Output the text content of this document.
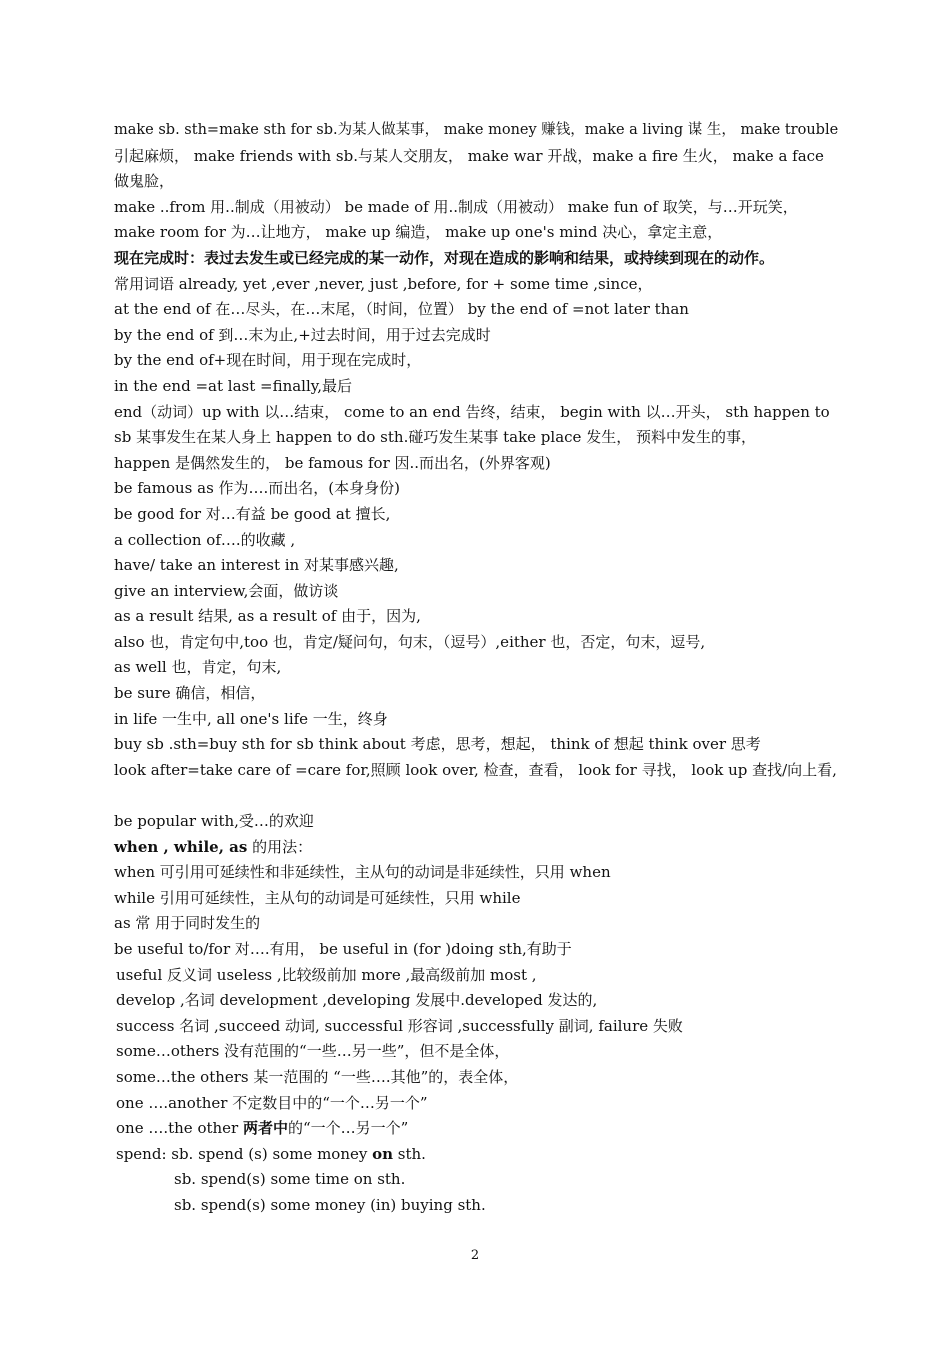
make sb. sth=make sth for sb.为某人做某事， make money 赚钱，make a living 谋 生， make trouble
引起麻烦， make friends with sb.与某人交朋友， make war 开战，make a fire 生火， make a face
做鬼脸，
make ..from 用..制成（用被动） be made of 用..制成（用被动） make fun of 取笑，与…开玩笑，
make room for 为…让地方， make up 编造， make up one's mind 决心，拿定主意，
现在完成时：表过去发生或已经完成的某一动作，对现在造成的影响和结果，或持续到现在的动作。
常用词语 already, yet ,ever ,never, just ,before, for + some time ,since，
at the end of 在…尽头，在…末尾，（时间，位置） by the end of =not later than
by the end of 到…末为止,+过去时间，用于过去完成时
by the end of+现在时间，用于现在完成时，
in the end =at last =finally,最后
end（动词）up with 以…结束， come to an end 告终，结束， begin with 以…开头， sth happen to
sb 某事发生在某人身上 happen to do sth.碰巧发生某事 take place 发生， 预料中发生的事，
happen 是偶然发生的， be famous for 因..而出名，(外界客观)
be famous as 作为….而出名，(本身身份)
be good for 对…有益 be good at 擅长,
a collection of….的收藏 ,
have/ take an interest in 对某事感兴趣,
give an interview,会面，做访谈
as a result 结果, as a result of 由于，因为,
also 也，肯定句中,too 也，肯定/疑问句，句末，（逗号）,either 也，否定，句末，逗号,
as well 也，肯定，句末,
be sure 确信，相信，
in life 一生中, all one's life 一生，终身
buy sb .sth=buy sth for sb think about 考虑，思考，想起， think of 想起 think over 思考
look after=take care of =care for,照顾 look over, 检查，查看， look for 寻找， look up 查找/向上看,
be popular with,受…的欢迎
when , while, as 的用法：
when 可引用可延续性和非延续性，主从句的动词是非延续性，只用 when
while 引用可延续性，主从句的动词是可延续性，只用 while
as 常 用于同时发生的
be useful to/for 对….有用， be useful in (for )doing sth,有助于
useful 反义词 useless ,比较级前加 more ,最高级前加 most ,
develop ,名词 development ,developing 发展中.developed 发达的,
success 名词 ,succeed 动词, successful 形容词 ,successfully 副词, failure 失败
some…others 没有范围的“一些…另一些”，但不是全体，
some…the others 某一范围的 “一些….其他”的，表全体，
one ….another 不定数目中的“一个…另一个”
one ….the other 两者中的“一个…另一个”
spend: sb. spend (s) some money on sth.
sb. spend(s) some time on sth.
sb. spend(s) some money (in) buying sth.
2
